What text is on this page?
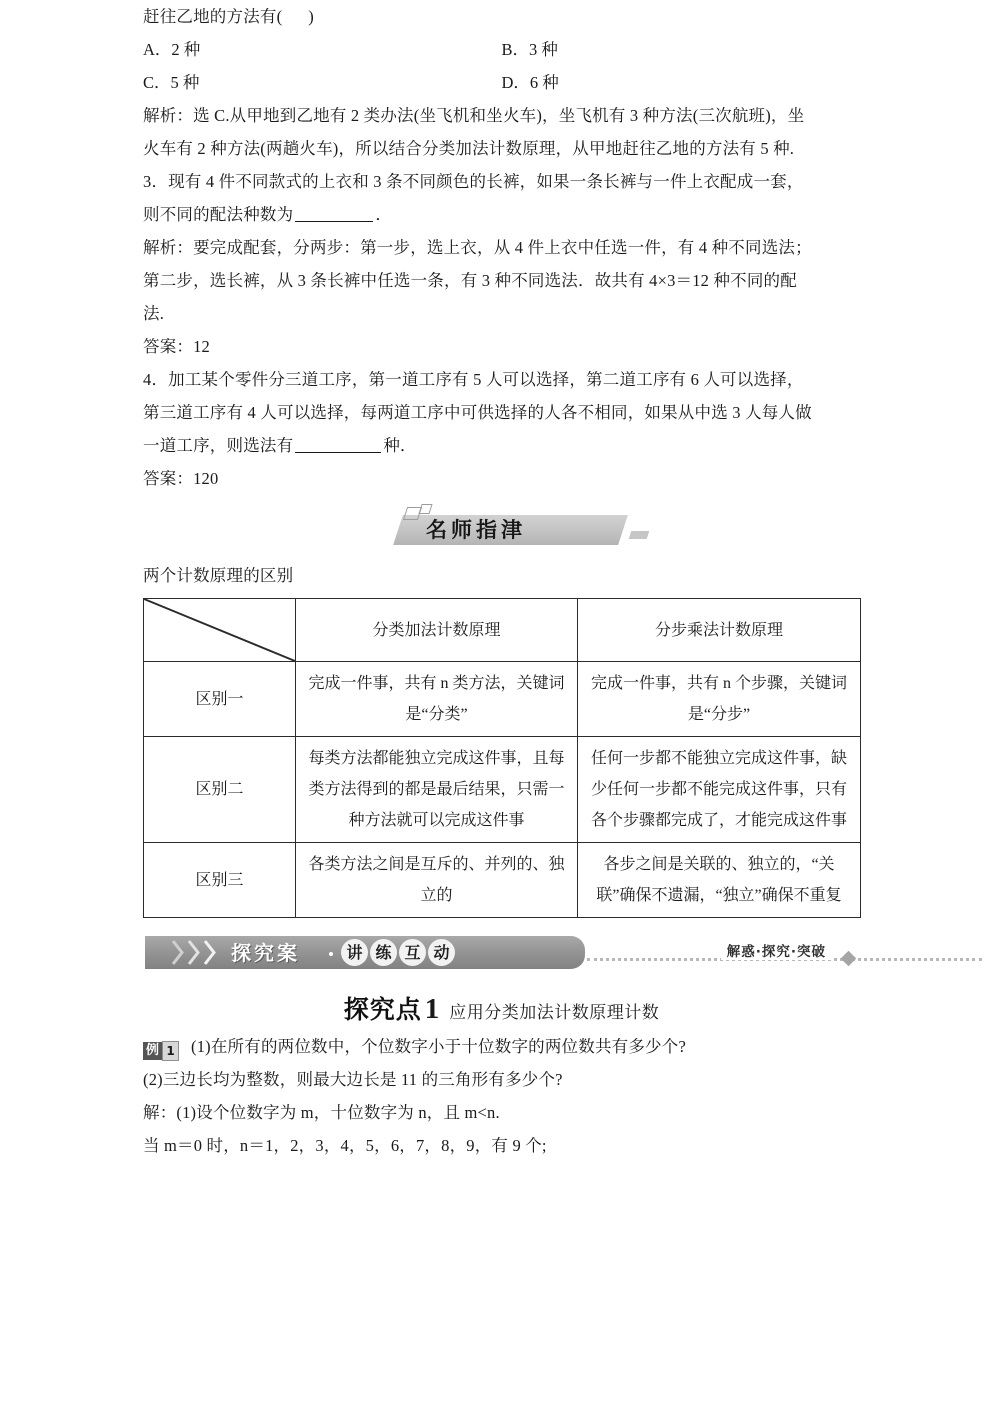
赶往乙地的方法有(      )
A．2 种	B．3 种
C．5 种	D．6 种
解析：选 C.从甲地到乙地有 2 类办法(坐飞机和坐火车)，坐飞机有 3 种方法(三次航班)，坐
火车有 2 种方法(两趟火车)，所以结合分类加法计数原理，从甲地赶往乙地的方法有 5 种.
3．现有 4 件不同款式的上衣和 3 条不同颜色的长裤，如果一条长裤与一件上衣配成一套，
则不同的配法种数为	．
解析：要完成配套，分两步：第一步，选上衣，从 4 件上衣中任选一件，有 4 种不同选法；
第二步，选长裤，从 3 条长裤中任选一条，有 3 种不同选法．故共有 4×3＝12 种不同的配
法.
答案：12
4．加工某个零件分三道工序，第一道工序有 5 人可以选择，第二道工序有 6 人可以选择，
第三道工序有 4 人可以选择，每两道工序中可供选择的人各不相同，如果从中选 3 人每人做
一道工序，则选法有	种．
答案：120
名师指津
两个计数原理的区别
	分类加法计数原理	分步乘法计数原理
区别一	完成一件事，共有 n 类方法，关键词是“分类”	完成一件事，共有 n 个步骤，关键词是“分步”
区别二	每类方法都能独立完成这件事，且每类方法得到的都是最后结果，只需一种方法就可以完成这件事	任何一步都不能独立完成这件事，缺少任何一步都不能完成这件事，只有各个步骤都完成了，才能完成这件事
区别三	各类方法之间是互斥的、并列的、独立的	各步之间是关联的、独立的，“关联”确保不遗漏，“独立”确保不重复
探究案	讲 练 互 动	解惑·探究·突破
探究点 1 应用分类加法计数原理计数
例 1 (1)在所有的两位数中，个位数字小于十位数字的两位数共有多少个?
(2)三边长均为整数，则最大边长是 11 的三角形有多少个?
解：(1)设个位数字为 m，十位数字为 n，且 m<n.
当 m＝0 时，n＝1，2，3，4，5，6，7，8，9，有 9 个;
